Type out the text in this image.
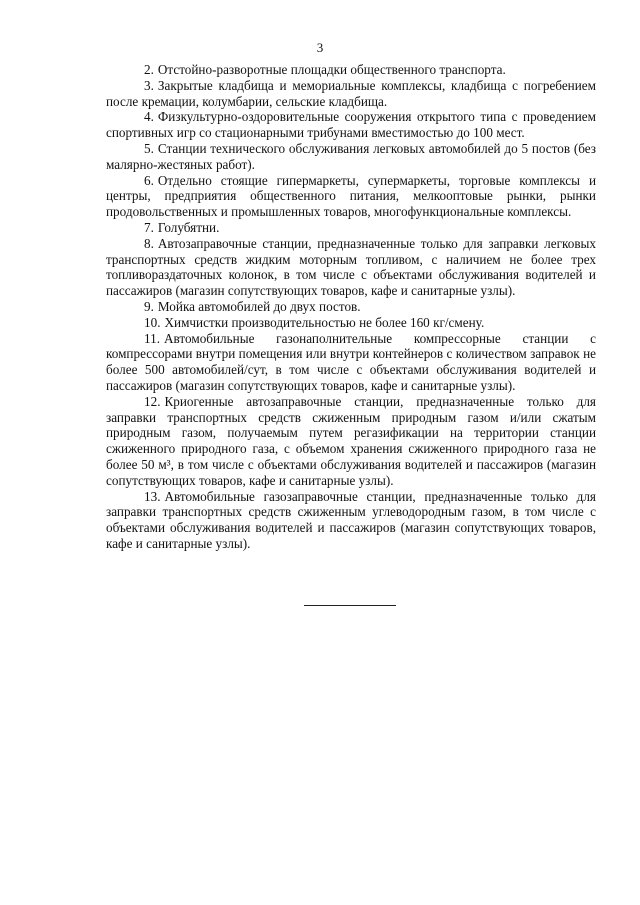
3

2. Отстойно-разворотные площадки общественного транспорта.

3. Закрытые кладбища и мемориальные комплексы, кладбища с погребением после кремации, колумбарии, сельские кладбища.

4. Физкультурно-оздоровительные сооружения открытого типа с проведением спортивных игр со стационарными трибунами вместимостью до 100 мест.

5. Станции технического обслуживания легковых автомобилей до 5 постов (без малярно-жестяных работ).

6. Отдельно стоящие гипермаркеты, супермаркеты, торговые комплексы и центры, предприятия общественного питания, мелкооптовые рынки, рынки продовольственных и промышленных товаров, многофункциональные комплексы.

7. Голубятни.

8. Автозаправочные станции, предназначенные только для заправки легковых транспортных средств жидким моторным топливом, с наличием не более трех топливораздаточных колонок, в том числе с объектами обслуживания водителей и пассажиров (магазин сопутствующих товаров, кафе и санитарные узлы).

9. Мойка автомобилей до двух постов.

10. Химчистки производительностью не более 160 кг/смену.

11. Автомобильные газонаполнительные компрессорные станции с компрессорами внутри помещения или внутри контейнеров с количеством заправок не более 500 автомобилей/сут, в том числе с объектами обслуживания водителей и пассажиров (магазин сопутствующих товаров, кафе и санитарные узлы).

12. Криогенные автозаправочные станции, предназначенные только для заправки транспортных средств сжиженным природным газом и/или сжатым природным газом, получаемым путем регазификации на территории станции сжиженного природного газа, с объемом хранения сжиженного природного газа не более 50 м³, в том числе с объектами обслуживания водителей и пассажиров (магазин сопутствующих товаров, кафе и санитарные узлы).

13. Автомобильные газозаправочные станции, предназначенные только для заправки транспортных средств сжиженным углеводородным газом, в том числе с объектами обслуживания водителей и пассажиров (магазин сопутствующих товаров, кафе и санитарные узлы).
